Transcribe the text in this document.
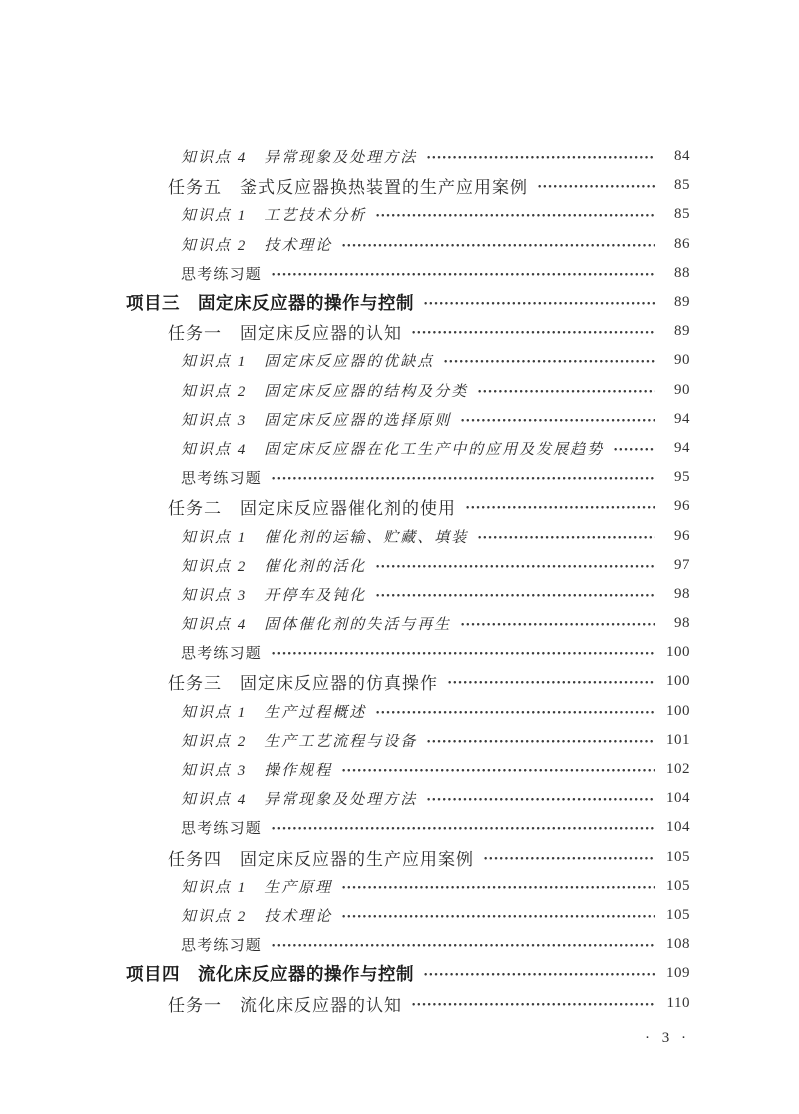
知识点 4　异常现象及处理方法	84
任务五　釜式反应器换热装置的生产应用案例	85
知识点 1　工艺技术分析	85
知识点 2　技术理论	86
思考练习题	88
项目三　固定床反应器的操作与控制	89
任务一　固定床反应器的认知	89
知识点 1　固定床反应器的优缺点	90
知识点 2　固定床反应器的结构及分类	90
知识点 3　固定床反应器的选择原则	94
知识点 4　固定床反应器在化工生产中的应用及发展趋势	94
思考练习题	95
任务二　固定床反应器催化剂的使用	96
知识点 1　催化剂的运输、贮藏、填装	96
知识点 2　催化剂的活化	97
知识点 3　开停车及钝化	98
知识点 4　固体催化剂的失活与再生	98
思考练习题	100
任务三　固定床反应器的仿真操作	100
知识点 1　生产过程概述	100
知识点 2　生产工艺流程与设备	101
知识点 3　操作规程	102
知识点 4　异常现象及处理方法	104
思考练习题	104
任务四　固定床反应器的生产应用案例	105
知识点 1　生产原理	105
知识点 2　技术理论	105
思考练习题	108
项目四　流化床反应器的操作与控制	109
任务一　流化床反应器的认知	110
· 3 ·
